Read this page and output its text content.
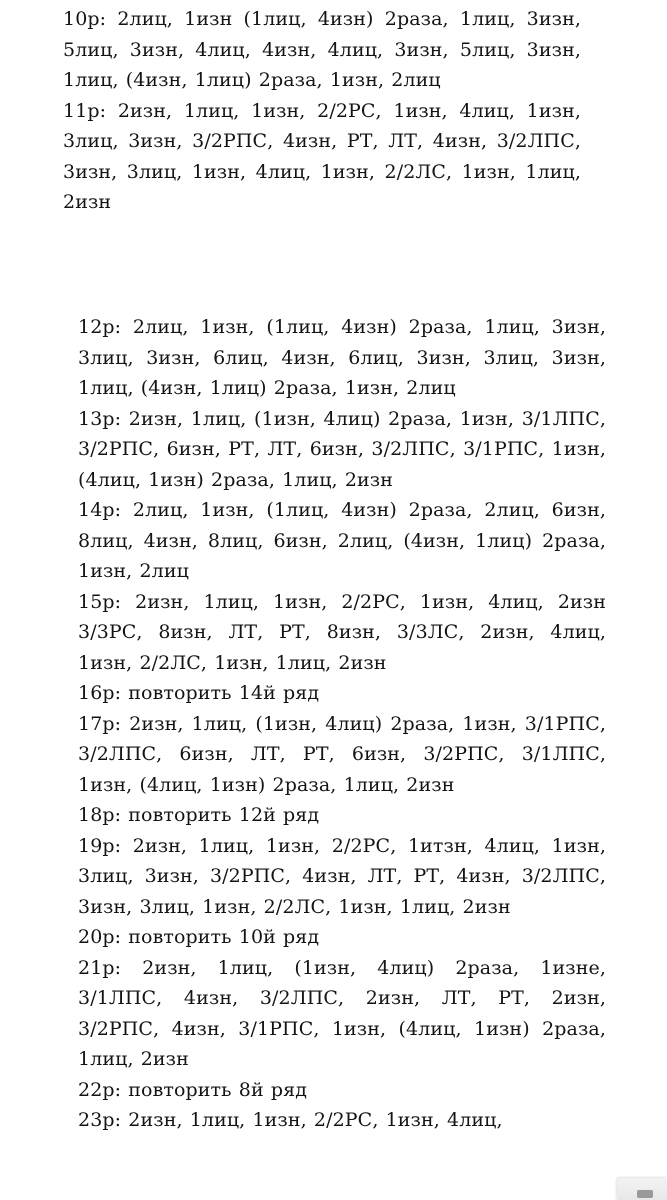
10р: 2лиц, 1изн (1лиц, 4изн) 2раза, 1лиц, 3изн, 5лиц, 3изн, 4лиц, 4изн, 4лиц, 3изн, 5лиц, 3изн, 1лиц, (4изн, 1лиц) 2раза, 1изн, 2лиц

11р: 2изн, 1лиц, 1изн, 2/2РС, 1изн, 4лиц, 1изн, 3лиц, 3изн, 3/2РПС, 4изн, РТ, ЛТ, 4изн, 3/2ЛПС, 3изн, 3лиц, 1изн, 4лиц, 1изн, 2/2ЛС, 1изн, 1лиц, 2изн

12р: 2лиц, 1изн, (1лиц, 4изн) 2раза, 1лиц, 3изн, 3лиц, 3изн, 6лиц, 4изн, 6лиц, 3изн, 3лиц, 3изн, 1лиц, (4изн, 1лиц) 2раза, 1изн, 2лиц

13р: 2изн, 1лиц, (1изн, 4лиц) 2раза, 1изн, 3/1ЛПС, 3/2РПС, 6изн, РТ, ЛТ, 6изн, 3/2ЛПС, 3/1РПС, 1изн, (4лиц, 1изн) 2раза, 1лиц, 2изн

14р: 2лиц, 1изн, (1лиц, 4изн) 2раза, 2лиц, 6изн, 8лиц, 4изн, 8лиц, 6изн, 2лиц, (4изн, 1лиц) 2раза, 1изн, 2лиц

15р: 2изн, 1лиц, 1изн, 2/2РС, 1изн, 4лиц, 2изн 3/3РС, 8изн, ЛТ, РТ, 8изн, 3/3ЛС, 2изн, 4лиц, 1изн, 2/2ЛС, 1изн, 1лиц, 2изн

16р: повторить 14й ряд

17р: 2изн, 1лиц, (1изн, 4лиц) 2раза, 1изн, 3/1РПС, 3/2ЛПС, 6изн, ЛТ, РТ, 6изн, 3/2РПС, 3/1ЛПС, 1изн, (4лиц, 1изн) 2раза, 1лиц, 2изн

18р: повторить 12й ряд

19р: 2изн, 1лиц, 1изн, 2/2РС, 1итзн, 4лиц, 1изн, 3лиц, 3изн, 3/2РПС, 4изн, ЛТ, РТ, 4изн, 3/2ЛПС, 3изн, 3лиц, 1изн, 2/2ЛС, 1изн, 1лиц, 2изн

20р: повторить 10й ряд

21р: 2изн, 1лиц, (1изн, 4лиц) 2раза, 1изне, 3/1ЛПС, 4изн, 3/2ЛПС, 2изн, ЛТ, РТ, 2изн, 3/2РПС, 4изн, 3/1РПС, 1изн, (4лиц, 1изн) 2раза, 1лиц, 2изн

22р: повторить 8й ряд

23р: 2изн, 1лиц, 1изн, 2/2РС, 1изн, 4лиц,
